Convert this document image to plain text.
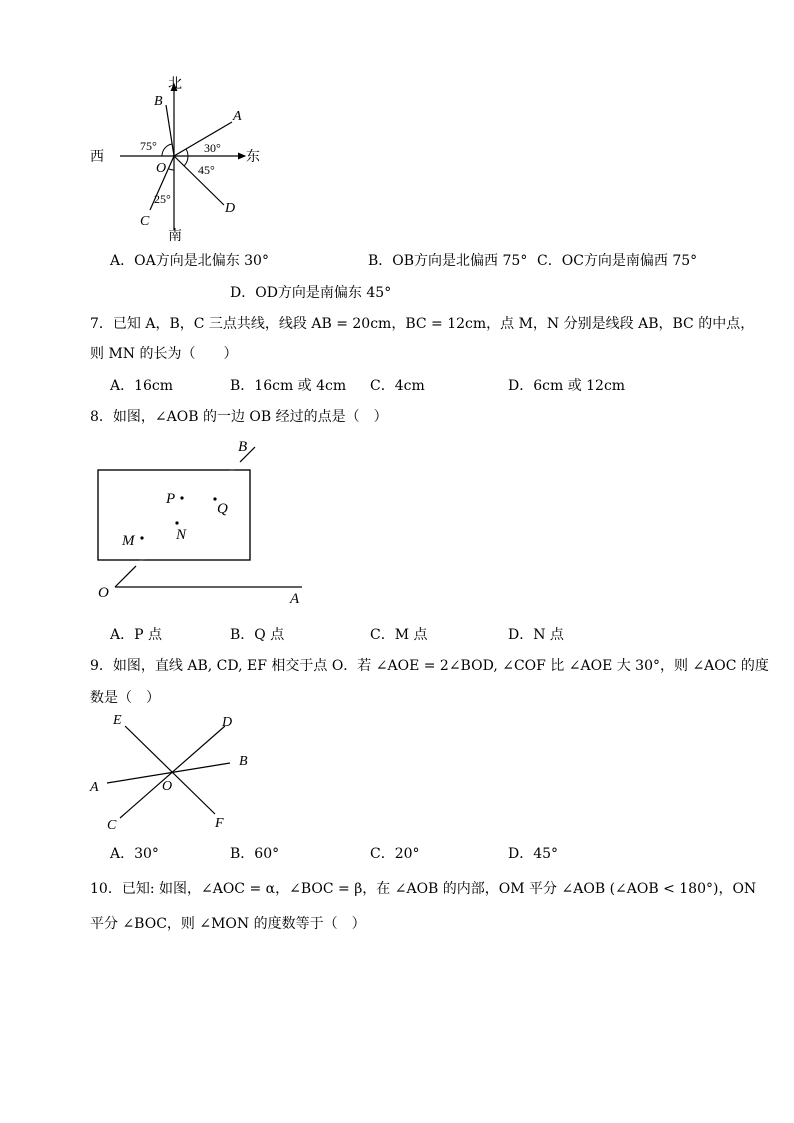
北
南
西	东
A
B
C
D
O
75°	30°
45°
25°
A．OA方向是北偏东 30°	B．OB方向是北偏西 75° C．OC方向是南偏西 75°
D．OD方向是南偏东 45°
7．已知 A，B，C 三点共线，线段 AB = 20cm，BC = 12cm，点 M，N 分别是线段 AB，BC 的中点，
则 MN 的长为（　　）
A．16cm	B．16cm 或 4cm C．4cm	D．6cm 或 12cm
8．如图，∠AOB 的一边 OB 经过的点是（　）
B
P
Q
M	N
O	A
A．P 点	B．Q 点	C．M 点	D．N 点
9．如图，直线 AB, CD, EF 相交于点 O．若 ∠AOE = 2∠BOD, ∠COF 比 ∠AOE 大 30°，则 ∠AOC 的度
数是（　）
E	D
B
A	O
C	F
A．30°	B．60°	C．20°	D．45°
10．已知: 如图，∠AOC = α，∠BOC = β，在 ∠AOB 的内部，OM 平分 ∠AOB (∠AOB < 180°)，ON
平分 ∠BOC，则 ∠MON 的度数等于（　）
